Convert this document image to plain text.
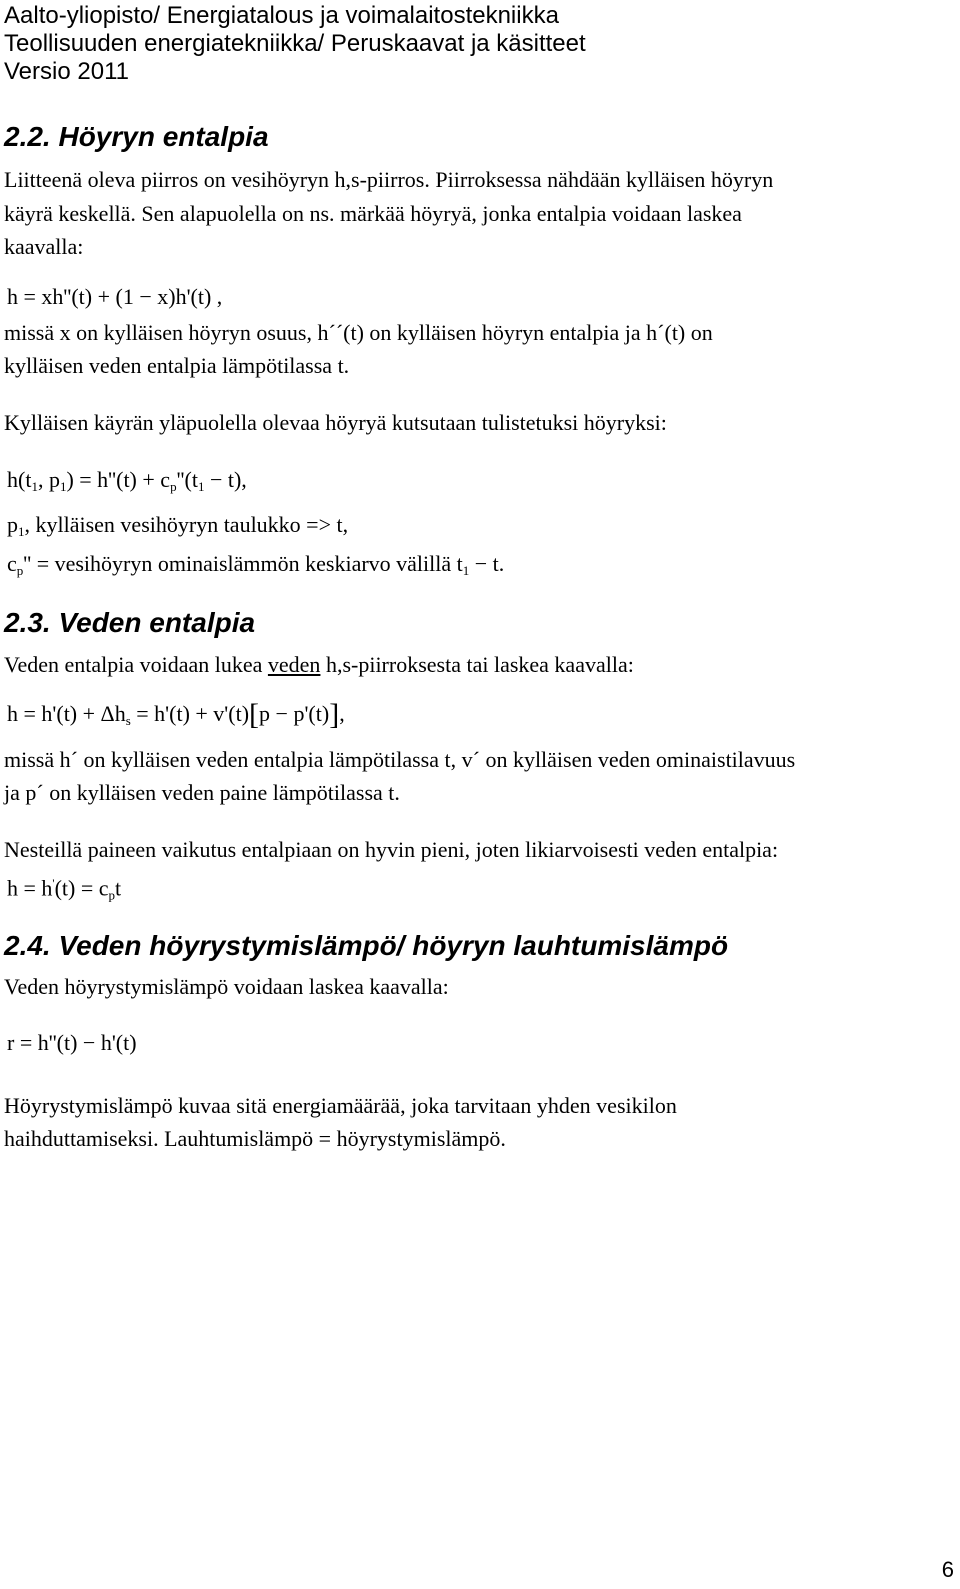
Aalto-yliopisto/ Energiatalous ja voimalaitostekniikka
Teollisuuden energiatekniikka/ Peruskaavat ja käsitteet
Versio 2011
2.2. Höyryn entalpia
Liitteenä oleva piirros on vesihöyryn h,s-piirros. Piirroksessa nähdään kylläisen höyryn
käyrä keskellä. Sen alapuolella on ns. märkää höyryä, jonka entalpia voidaan laskea
kaavalla:
h = xh''(t) + (1 − x)h'(t) ,
missä x on kylläisen höyryn osuus, h´´(t) on kylläisen höyryn entalpia ja h´(t) on
kylläisen veden entalpia lämpötilassa t.
Kylläisen käyrän yläpuolella olevaa höyryä kutsutaan tulistetuksi höyryksi:
$h(t_1$, $p_1) = h''(t) + c_p''(t_1 - t)$,
$p_1$, kylläisen vesihöyryn taulukko => t,
$c_p''$ = vesihöyryn ominaislämmön keskiarvo välillä $t_1 - t$.
2.3. Veden entalpia
Veden entalpia voidaan lukea veden h,s-piirroksesta tai laskea kaavalla:
$h = h'(t) + \Delta h_s = h'(t) + v'(t)[p - p'(t)]$,
missä h´ on kylläisen veden entalpia lämpötilassa t, v´ on kylläisen veden ominaistilavuus
ja p´ on kylläisen veden paine lämpötilassa t.
Nesteillä paineen vaikutus entalpiaan on hyvin pieni, joten likiarvoisesti veden entalpia:
$h = h'(t) = c_pt$
2.4. Veden höyrystymislämpö/ höyryn lauhtumislämpö
Veden höyrystymislämpö voidaan laskea kaavalla:
r = h''(t) − h'(t)
Höyrystymislämpö kuvaa sitä energiamäärää, joka tarvitaan yhden vesikilon
haihduttamiseksi. Lauhtumislämpö = höyrystymislämpö.
6
